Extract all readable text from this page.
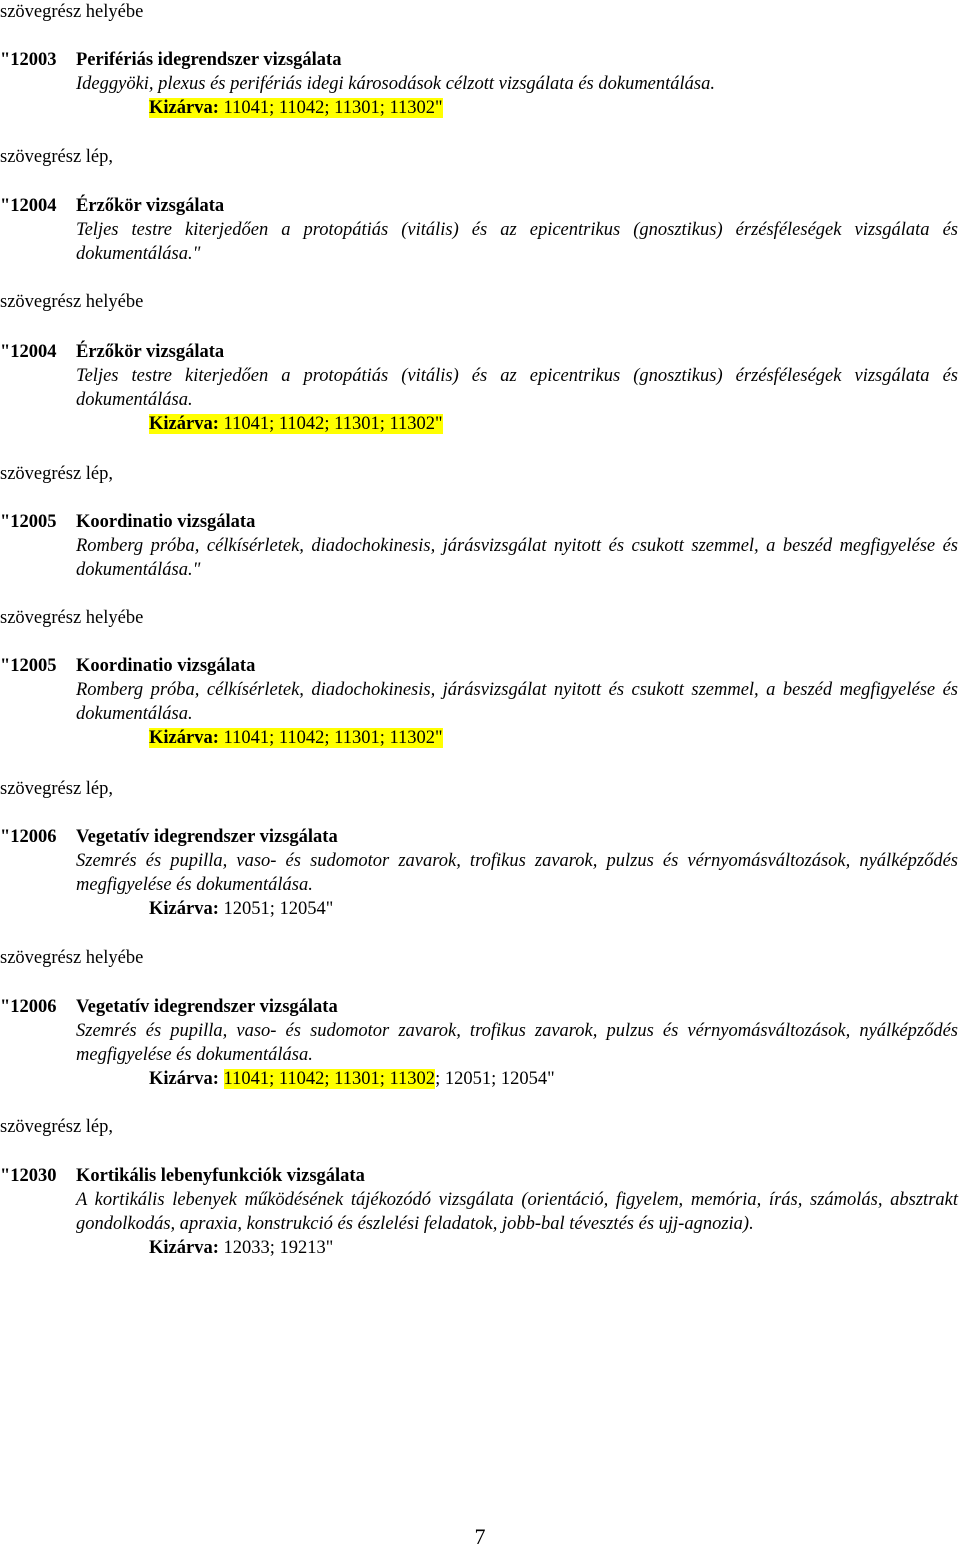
szövegrész helyébe
"12003 Perifériás idegrendszer vizsgálata
Ideggyöki, plexus és perifériás idegi károsodások célzott vizsgálata és dokumentálása.
Kizárva: 11041; 11042; 11301; 11302"
szövegrész lép,
"12004 Érzőkör vizsgálata
Teljes testre kiterjedően a protopátiás (vitális) és az epicentrikus (gnosztikus) érzésféleségek vizsgálata és dokumentálása."
szövegrész helyébe
"12004 Érzőkör vizsgálata
Teljes testre kiterjedően a protopátiás (vitális) és az epicentrikus (gnosztikus) érzésféleségek vizsgálata és dokumentálása.
Kizárva: 11041; 11042; 11301; 11302"
szövegrész lép,
"12005 Koordinatio vizsgálata
Romberg próba, célkísérletek, diadochokinesis, járásvizsgálat nyitott és csukott szemmel, a beszéd megfigyelése és dokumentálása."
szövegrész helyébe
"12005 Koordinatio vizsgálata
Romberg próba, célkísérletek, diadochokinesis, járásvizsgálat nyitott és csukott szemmel, a beszéd megfigyelése és dokumentálása.
Kizárva: 11041; 11042; 11301; 11302"
szövegrész lép,
"12006 Vegetatív idegrendszer vizsgálata
Szemrés és pupilla, vaso- és sudomotor zavarok, trofikus zavarok, pulzus és vérnyomásváltozások, nyálképződés megfigyelése és dokumentálása.
Kizárva: 12051; 12054"
szövegrész helyébe
"12006 Vegetatív idegrendszer vizsgálata
Szemrés és pupilla, vaso- és sudomotor zavarok, trofikus zavarok, pulzus és vérnyomásváltozások, nyálképződés megfigyelése és dokumentálása.
Kizárva: 11041; 11042; 11301; 11302; 12051; 12054"
szövegrész lép,
"12030 Kortikális lebenyfunkciók vizsgálata
A kortikális lebenyek működésének tájékozódó vizsgálata (orientáció, figyelem, memória, írás, számolás, absztrakt gondolkodás, apraxia, konstrukció és észlelési feladatok, jobb-bal tévesztés és ujj-agnozia).
Kizárva: 12033; 19213"
7
